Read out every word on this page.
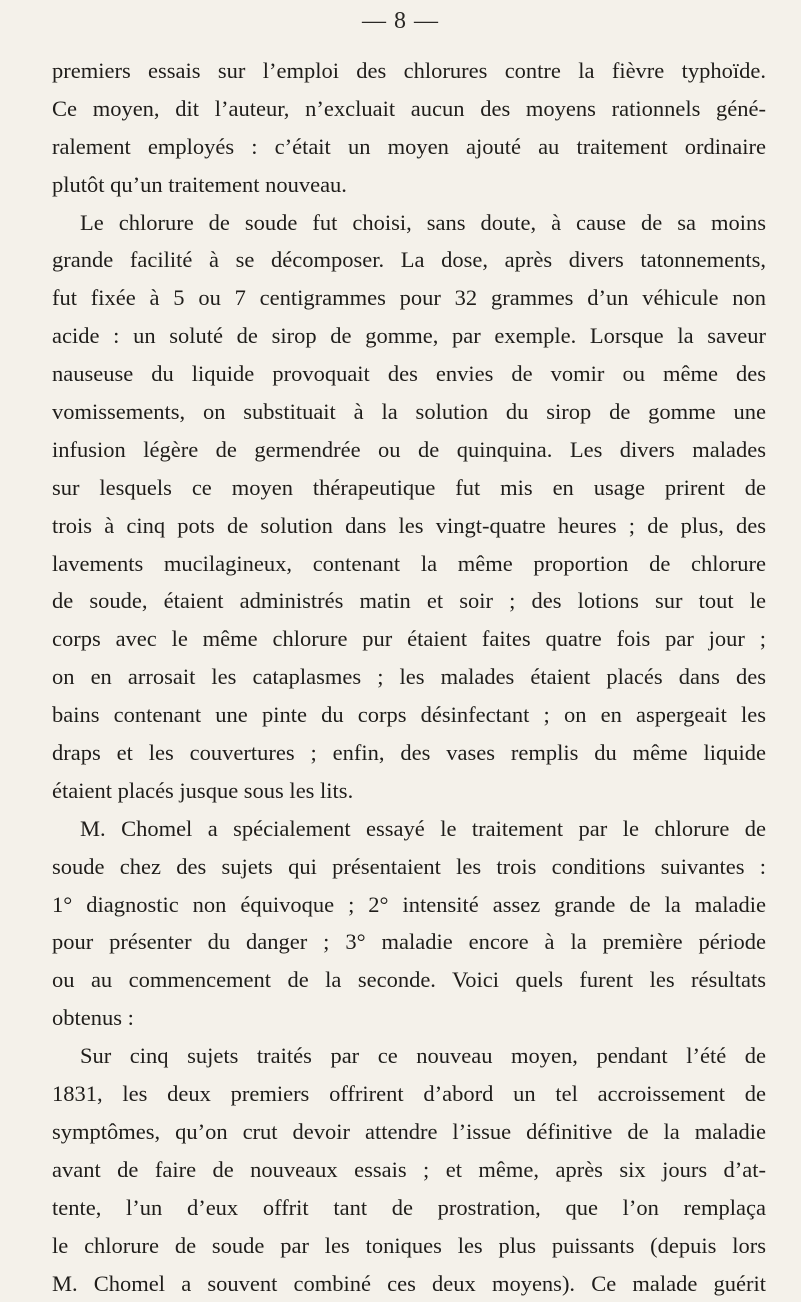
— 8 —
premiers essais sur l’emploi des chlorures contre la fièvre typhoïde.
Ce moyen, dit l’auteur, n’excluait aucun des moyens rationnels géné-
ralement employés : c’était un moyen ajouté au traitement ordinaire
plutôt qu’un traitement nouveau.
Le chlorure de soude fut choisi, sans doute, à cause de sa moins
grande facilité à se décomposer. La dose, après divers tatonnements,
fut fixée à 5 ou 7 centigrammes pour 32 grammes d’un véhicule non
acide : un soluté de sirop de gomme, par exemple. Lorsque la saveur
nauseuse du liquide provoquait des envies de vomir ou même des
vomissements, on substituait à la solution du sirop de gomme une
infusion légère de germendrée ou de quinquina. Les divers malades
sur lesquels ce moyen thérapeutique fut mis en usage prirent de
trois à cinq pots de solution dans les vingt-quatre heures ; de plus, des
lavements mucilagineux, contenant la même proportion de chlorure
de soude, étaient administrés matin et soir ; des lotions sur tout le
corps avec le même chlorure pur étaient faites quatre fois par jour ;
on en arrosait les cataplasmes ; les malades étaient placés dans des
bains contenant une pinte du corps désinfectant ; on en aspergeait les
draps et les couvertures ; enfin, des vases remplis du même liquide
étaient placés jusque sous les lits.
M. Chomel a spécialement essayé le traitement par le chlorure de
soude chez des sujets qui présentaient les trois conditions suivantes :
1° diagnostic non équivoque ; 2° intensité assez grande de la maladie
pour présenter du danger ; 3° maladie encore à la première période
ou au commencement de la seconde. Voici quels furent les résultats
obtenus :
Sur cinq sujets traités par ce nouveau moyen, pendant l’été de
1831, les deux premiers offrirent d’abord un tel accroissement de
symptômes, qu’on crut devoir attendre l’issue définitive de la maladie
avant de faire de nouveaux essais ; et même, après six jours d’at-
tente, l’un d’eux offrit tant de prostration, que l’on remplaça
le chlorure de soude par les toniques les plus puissants (depuis lors
M. Chomel a souvent combiné ces deux moyens). Ce malade guérit
